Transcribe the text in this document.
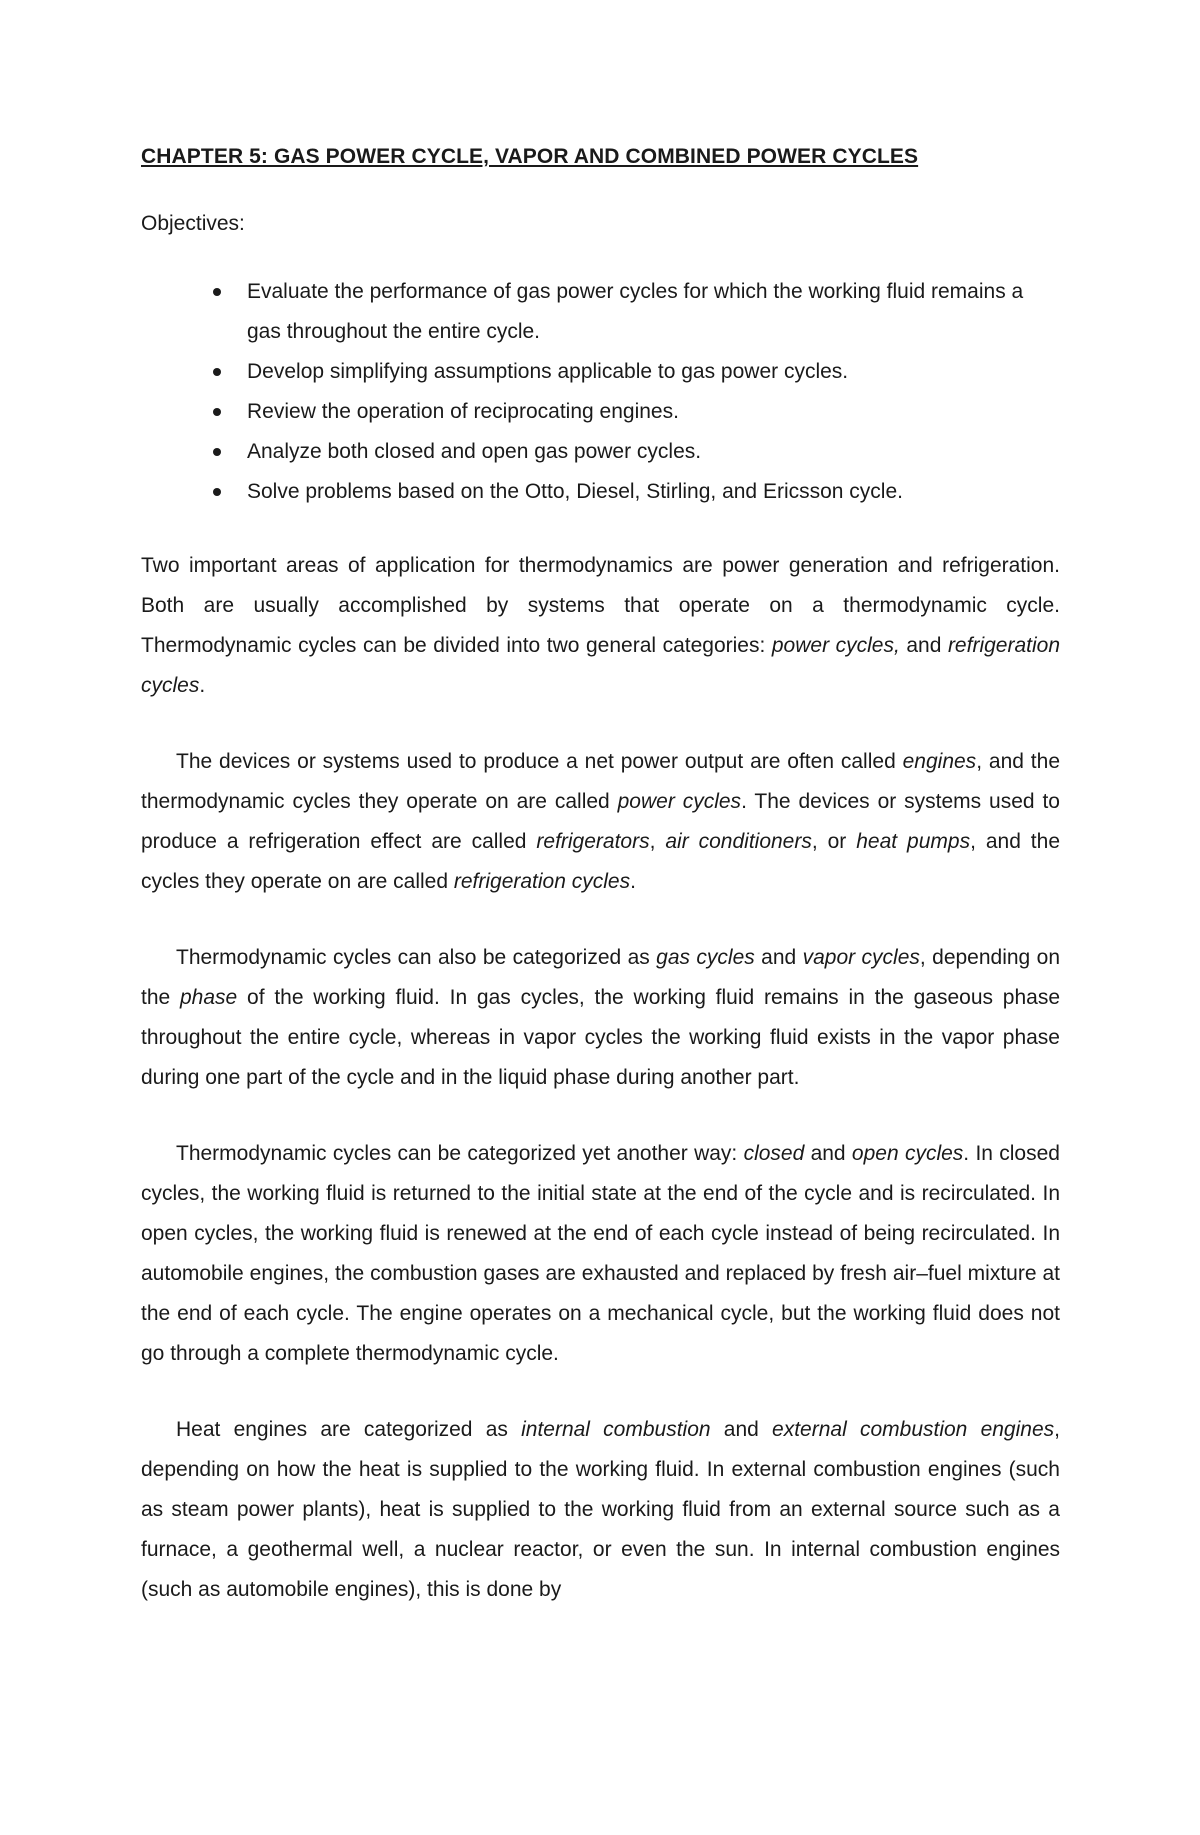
CHAPTER 5: GAS POWER CYCLE, VAPOR AND COMBINED POWER CYCLES

Objectives:

Evaluate the performance of gas power cycles for which the working fluid remains a gas throughout the entire cycle.
Develop simplifying assumptions applicable to gas power cycles.
Review the operation of reciprocating engines.
Analyze both closed and open gas power cycles.
Solve problems based on the Otto, Diesel, Stirling, and Ericsson cycle.

Two important areas of application for thermodynamics are power generation and refrigeration. Both are usually accomplished by systems that operate on a thermodynamic cycle. Thermodynamic cycles can be divided into two general categories: power cycles, and refrigeration cycles.

The devices or systems used to produce a net power output are often called engines, and the thermodynamic cycles they operate on are called power cycles. The devices or systems used to produce a refrigeration effect are called refrigerators, air conditioners, or heat pumps, and the cycles they operate on are called refrigeration cycles.

Thermodynamic cycles can also be categorized as gas cycles and vapor cycles, depending on the phase of the working fluid. In gas cycles, the working fluid remains in the gaseous phase throughout the entire cycle, whereas in vapor cycles the working fluid exists in the vapor phase during one part of the cycle and in the liquid phase during another part.

Thermodynamic cycles can be categorized yet another way: closed and open cycles. In closed cycles, the working fluid is returned to the initial state at the end of the cycle and is recirculated. In open cycles, the working fluid is renewed at the end of each cycle instead of being recirculated. In automobile engines, the combustion gases are exhausted and replaced by fresh air–fuel mixture at the end of each cycle. The engine operates on a mechanical cycle, but the working fluid does not go through a complete thermodynamic cycle.

Heat engines are categorized as internal combustion and external combustion engines, depending on how the heat is supplied to the working fluid. In external combustion engines (such as steam power plants), heat is supplied to the working fluid from an external source such as a furnace, a geothermal well, a nuclear reactor, or even the sun. In internal combustion engines (such as automobile engines), this is done by
